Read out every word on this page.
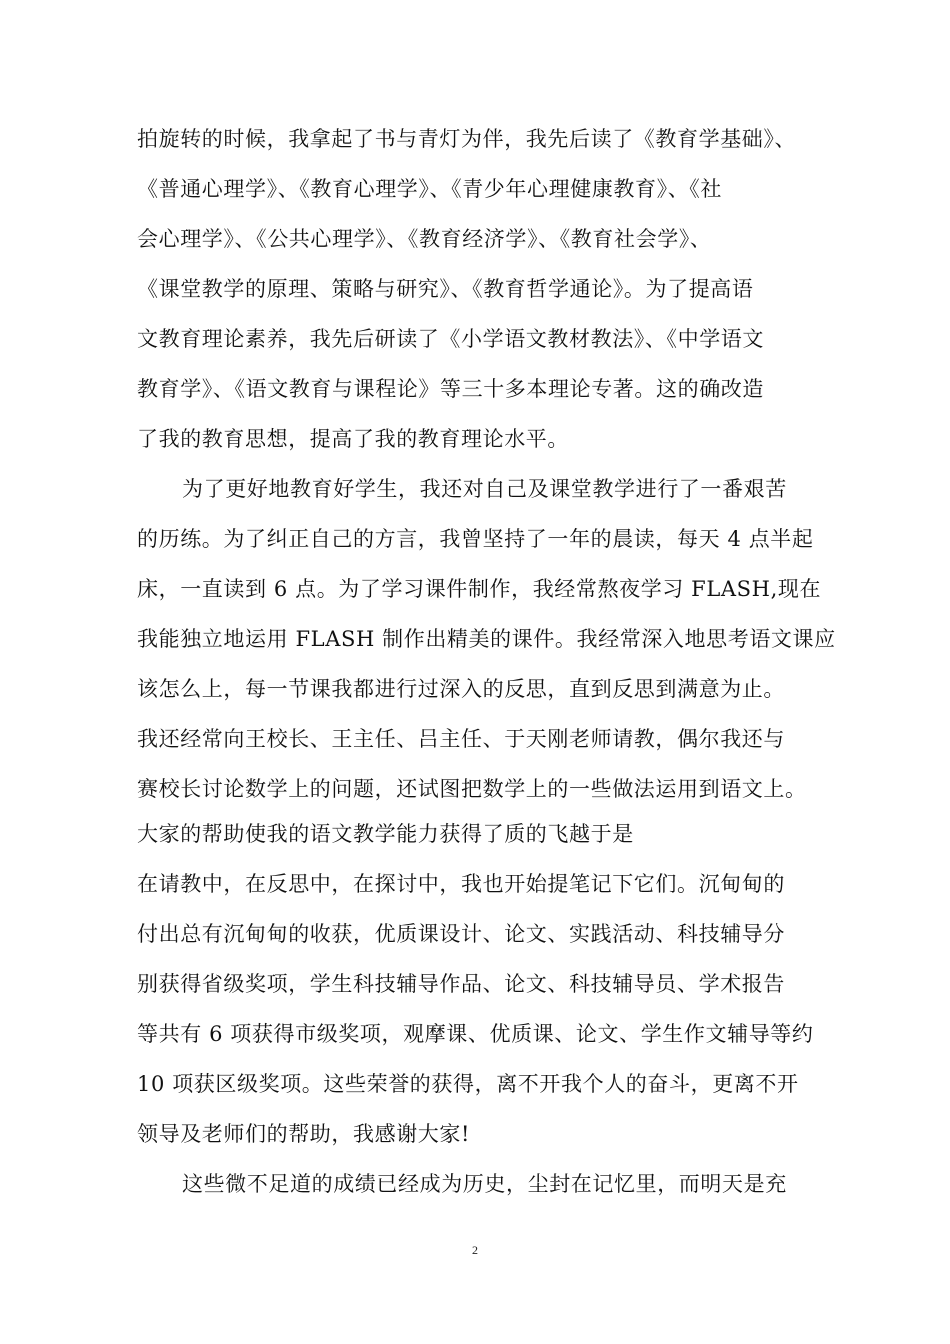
拍旋转的时候，我拿起了书与青灯为伴，我先后读了《教育学基础》、
《普通心理学》、《教育心理学》、《青少年心理健康教育》、《社
会心理学》、《公共心理学》、《教育经济学》、《教育社会学》、
《课堂教学的原理、策略与研究》、《教育哲学通论》。为了提高语
文教育理论素养，我先后研读了《小学语文教材教法》、《中学语文
教育学》、《语文教育与课程论》等三十多本理论专著。这的确改造
了我的教育思想，提高了我的教育理论水平。
为了更好地教育好学生，我还对自己及课堂教学进行了一番艰苦
的历练。为了纠正自己的方言，我曾坚持了一年的晨读，每天 4 点半起
床，一直读到 6 点。为了学习课件制作，我经常熬夜学习 FLASH,现在
我能独立地运用 FLASH 制作出精美的课件。我经常深入地思考语文课应
该怎么上，每一节课我都进行过深入的反思，直到反思到满意为止。
我还经常向王校长、王主任、吕主任、于天刚老师请教，偶尔我还与
赛校长讨论数学上的问题，还试图把数学上的一些做法运用到语文上。
大家的帮助使我的语文教学能力获得了质的飞越于是
在请教中，在反思中，在探讨中，我也开始提笔记下它们。沉甸甸的
付出总有沉甸甸的收获，优质课设计、论文、实践活动、科技辅导分
别获得省级奖项，学生科技辅导作品、论文、科技辅导员、学术报告
等共有 6 项获得市级奖项，观摩课、优质课、论文、学生作文辅导等约
10 项获区级奖项。这些荣誉的获得，离不开我个人的奋斗，更离不开
领导及老师们的帮助，我感谢大家!
这些微不足道的成绩已经成为历史，尘封在记忆里，而明天是充
2
